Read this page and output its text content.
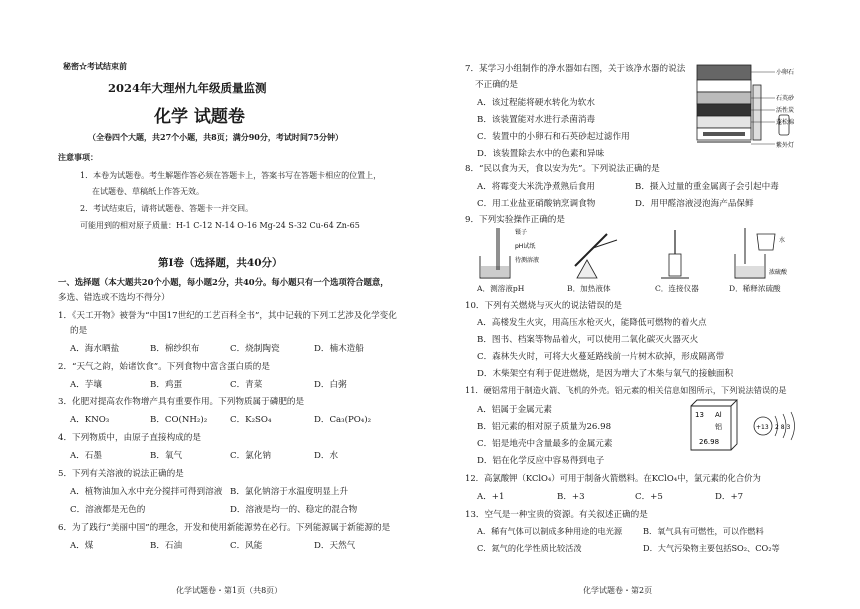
秘密☆考试结束前
2024年大理州九年级质量监测
化学 试题卷
（全卷四个大题，共27个小题，共8页；满分90分，考试时间75分钟）
注意事项：
1．本卷为试题卷。考生解题作答必须在答题卡上，答案书写在答题卡相应的位置上，
在试题卷、草稿纸上作答无效。
2．考试结束后，请将试题卷、答题卡一并交回。
可能用到的相对原子质量：H-1 C-12 N-14 O-16 Mg-24 S-32 Cu-64 Zn-65
第Ⅰ卷（选择题，共40分）
一、选择题（本大题共20个小题，每小题2分，共40分。每小题只有一个选项符合题意，
多选、错选或不选均不得分）
1．《天工开物》被誉为“中国17世纪的工艺百科全书”，其中记载的下列工艺涉及化学变化
的是
A．海水晒盐	B．棉纱织布	C．烧制陶瓷	D．楠木造船
2．“天气之韵，始诸饮食”。下列食物中富含蛋白质的是
A．芋壤	B．鸡蛋	C．青菜	D．白粥
3．化肥对提高农作物增产具有重要作用。下列物质属于磷肥的是
A．KNO₃	B．CO(NH₂)₂	C．K₂SO₄	D．Ca₃(PO₄)₂
4．下列物质中，由原子直接构成的是
A．石墨	B．氧气	C．氯化钠	D．水
5．下列有关溶液的说法正确的是
A．植物油加入水中充分搅拌可得到溶液 B．氯化钠溶于水温度明显上升
C．溶液都是无色的	D．溶液是均一的、稳定的混合物
6．为了践行“美丽中国”的理念，开发和使用新能源势在必行。下列能源属于新能源的是
A．煤	B．石油	C．风能	D．天然气
化学试题卷・第1页（共8页）
7．某学习小组制作的净水器如右图，关于该净水器的说法
不正确的是
A．该过程能将硬水转化为软水
B．该装置能对水进行杀菌消毒
C．装置中的小卵石和石英砂起过滤作用
D．该装置除去水中的色素和异味
小卵石
石英砂
活性炭
蓬松棉
紫外灯
8．“民以食为天，食以安为先”。下列说法正确的是
A．将霉变大米洗净煮熟后食用	B．摄入过量的重金属离子会引起中毒
C．用工业盐亚硝酸钠烹调食物	D．用甲醛溶液浸泡海产品保鲜
9．下列实验操作正确的是
镊子
pH试纸
待测溶液
水
浓硫酸
A．测溶液pH	B．加热液体	C．连接仪器	D．稀释浓硫酸
10．下列有关燃烧与灭火的说法错误的是
A．高楼发生火灾，用高压水枪灭火，能降低可燃物的着火点
B．图书、档案等物品着火，可以使用二氧化碳灭火器灭火
C．森林失火时，可将大火蔓延路线前一片树木砍掉，形成隔离带
D．木柴架空有利于促进燃烧，是因为增大了木柴与氧气的接触面积
11．硬铝常用于制造火箭、飞机的外壳。铝元素的相关信息如图所示，下列说法错误的是
A．铝属于金属元素
B．铝元素的相对原子质量为26.98
C．铝是地壳中含量最多的金属元素
D．铝在化学反应中容易得到电子
13 Al
铝
26.98
+13 2 8 3
12．高氯酸钾（KClO₄）可用于制备火箭燃料。在KClO₄中，氯元素的化合价为
A．+1	B．+3	C．+5	D．+7
13．空气是一种宝贵的资源。有关叙述正确的是
A．稀有气体可以制成多种用途的电光源	B．氧气具有可燃性，可以作燃料
C．氮气的化学性质比较活泼	D．大气污染物主要包括SO₂、CO₂等
化学试题卷・第2页
